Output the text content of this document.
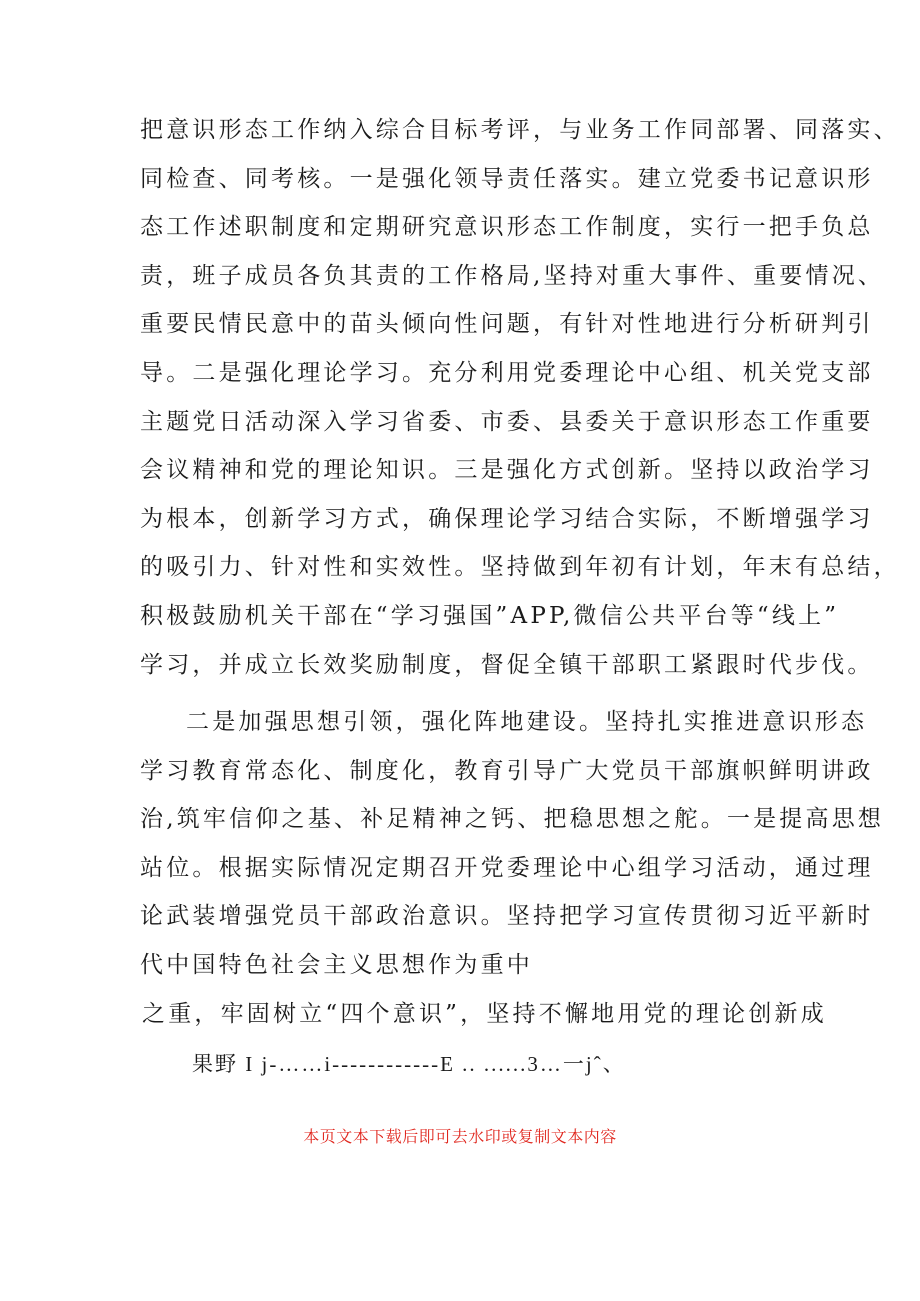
把意识形态工作纳入综合目标考评，与业务工作同部署、同落实、
同检查、同考核。一是强化领导责任落实。建立党委书记意识形
态工作述职制度和定期研究意识形态工作制度，实行一把手负总
责，班子成员各负其责的工作格局,坚持对重大事件、重要情况、
重要民情民意中的苗头倾向性问题，有针对性地进行分析研判引
导。二是强化理论学习。充分利用党委理论中心组、机关党支部
主题党日活动深入学习省委、市委、县委关于意识形态工作重要
会议精神和党的理论知识。三是强化方式创新。坚持以政治学习
为根本，创新学习方式，确保理论学习结合实际，不断增强学习
的吸引力、针对性和实效性。坚持做到年初有计划，年末有总结，
积极鼓励机关干部在“学习强国”APP,微信公共平台等“线上”
学习，并成立长效奖励制度，督促全镇干部职工紧跟时代步伐。
二是加强思想引领，强化阵地建设。坚持扎实推进意识形态
学习教育常态化、制度化，教育引导广大党员干部旗帜鲜明讲政
治,筑牢信仰之基、补足精神之钙、把稳思想之舵。一是提高思想
站位。根据实际情况定期召开党委理论中心组学习活动，通过理
论武装增强党员干部政治意识。坚持把学习宣传贯彻习近平新时
代中国特色社会主义思想作为重中
之重，牢固树立“四个意识”，坚持不懈地用党的理论创新成
果野 I j-……i------------E .. ......3…一jˆ、
本页文本下载后即可去水印或复制文本内容
